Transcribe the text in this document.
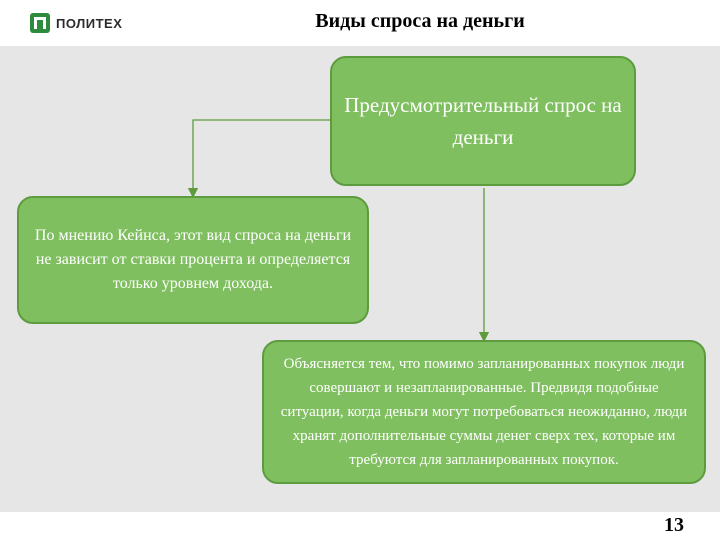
ПОЛИТЕХ	Виды спроса на деньги
Предусмотрительный спрос на деньги
По мнению Кейнса, этот вид спроса на деньги не зависит от ставки процента и определяется только уровнем дохода.
Объясняется тем, что помимо запланированных покупок люди совершают и незапланированные. Предвидя подобные ситуации, когда деньги могут потребоваться неожиданно, люди хранят дополнительные суммы денег сверх тех, которые им требуются для запланированных покупок.
13
